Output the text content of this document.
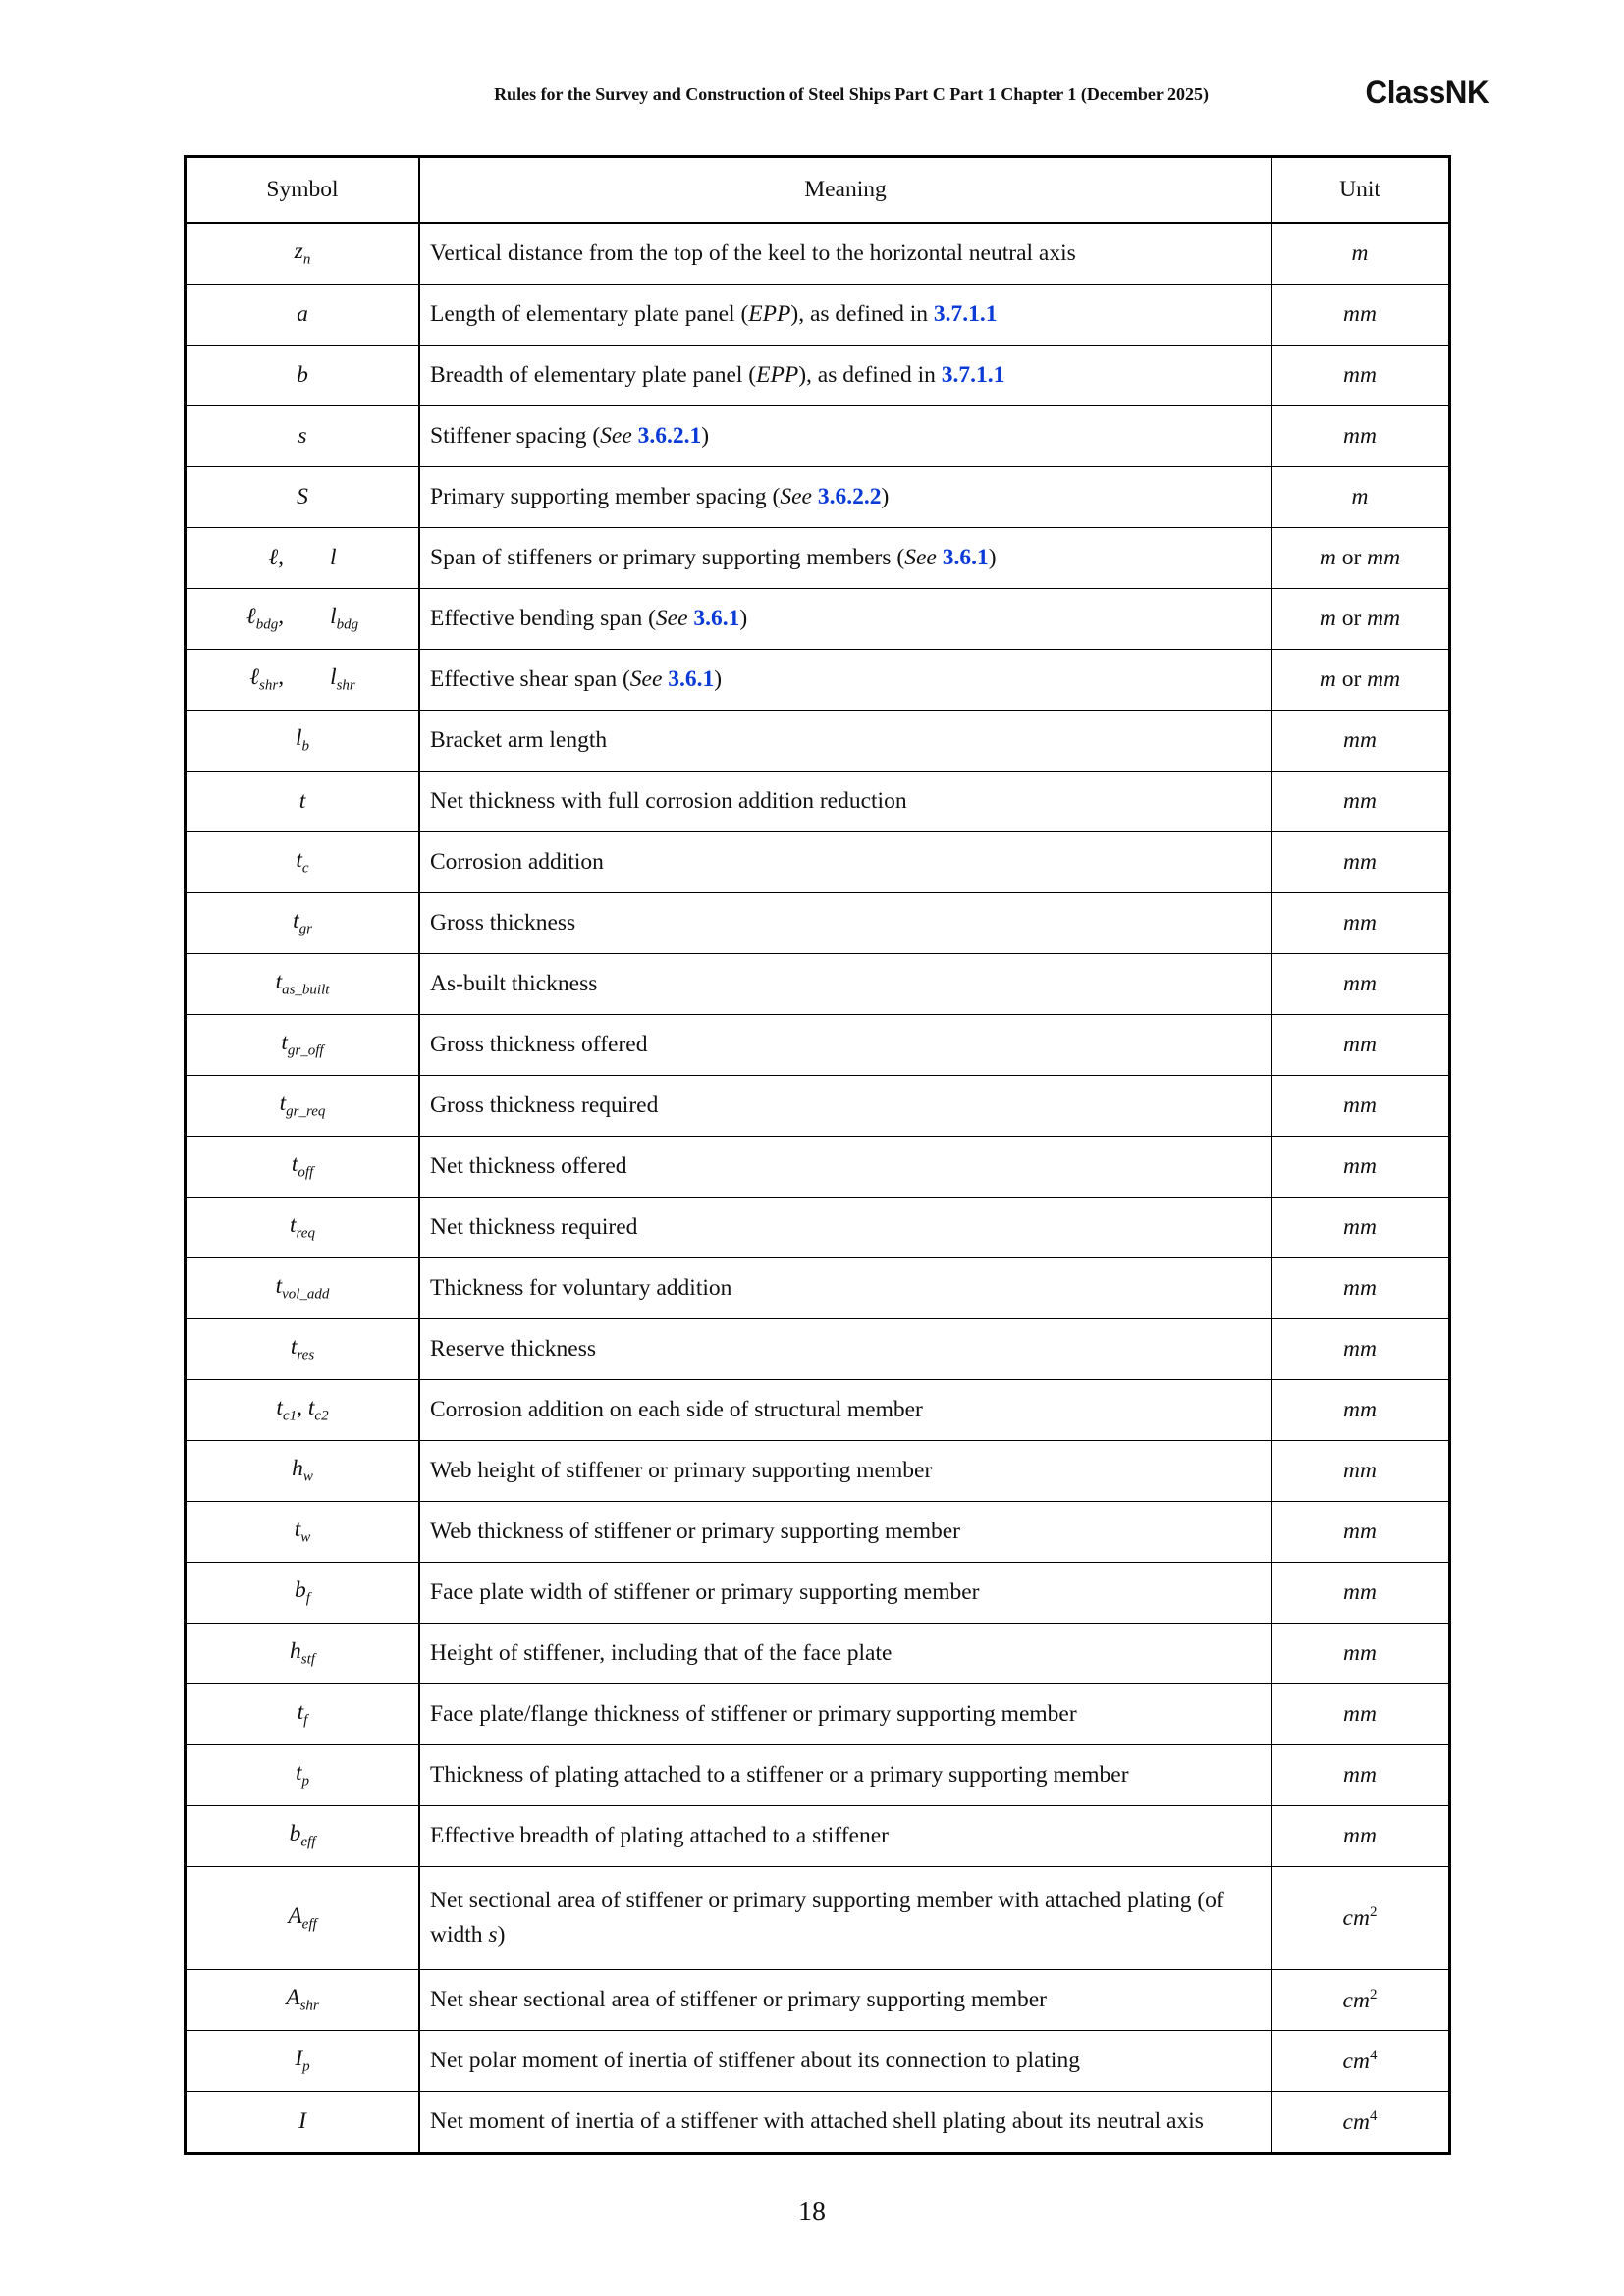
Rules for the Survey and Construction of Steel Ships Part C Part 1 Chapter 1 (December 2025)	ClassNK
Symbol	Meaning	Unit
$z_n$	Vertical distance from the top of the keel to the horizontal neutral axis	m
a	Length of elementary plate panel (EPP), as defined in 3.7.1.1	mm
b	Breadth of elementary plate panel (EPP), as defined in 3.7.1.1	mm
s	Stiffener spacing (See 3.6.2.1)	mm
S	Primary supporting member spacing (See 3.6.2.2)	m
ℓ,  l	Span of stiffeners or primary supporting members (See 3.6.1)	m or mm
ℓ$_{bdg}$,  $l_{bdg}$	Effective bending span (See 3.6.1)	m or mm
ℓ$_{shr}$,  $l_{shr}$	Effective shear span (See 3.6.1)	m or mm
$l_b$	Bracket arm length	mm
t	Net thickness with full corrosion addition reduction	mm
$t_c$	Corrosion addition	mm
$t_{gr}$	Gross thickness	mm
$t_{as\_built}$	As-built thickness	mm
$t_{gr\_off}$	Gross thickness offered	mm
$t_{gr\_req}$	Gross thickness required	mm
$t_{off}$	Net thickness offered	mm
$t_{req}$	Net thickness required	mm
$t_{vol\_add}$	Thickness for voluntary addition	mm
$t_{res}$	Reserve thickness	mm
$t_{c1}$, $t_{c2}$	Corrosion addition on each side of structural member	mm
$h_w$	Web height of stiffener or primary supporting member	mm
$t_w$	Web thickness of stiffener or primary supporting member	mm
$b_f$	Face plate width of stiffener or primary supporting member	mm
$h_{stf}$	Height of stiffener, including that of the face plate	mm
$t_f$	Face plate/flange thickness of stiffener or primary supporting member	mm
$t_p$	Thickness of plating attached to a stiffener or a primary supporting member	mm
$b_{eff}$	Effective breadth of plating attached to a stiffener	mm
$A_{eff}$	Net sectional area of stiffener or primary supporting member with attached plating (of width s)	$cm^2$
$A_{shr}$	Net shear sectional area of stiffener or primary supporting member	$cm^2$
$I_p$	Net polar moment of inertia of stiffener about its connection to plating	$cm^4$
I	Net moment of inertia of a stiffener with attached shell plating about its neutral axis	$cm^4$
18
